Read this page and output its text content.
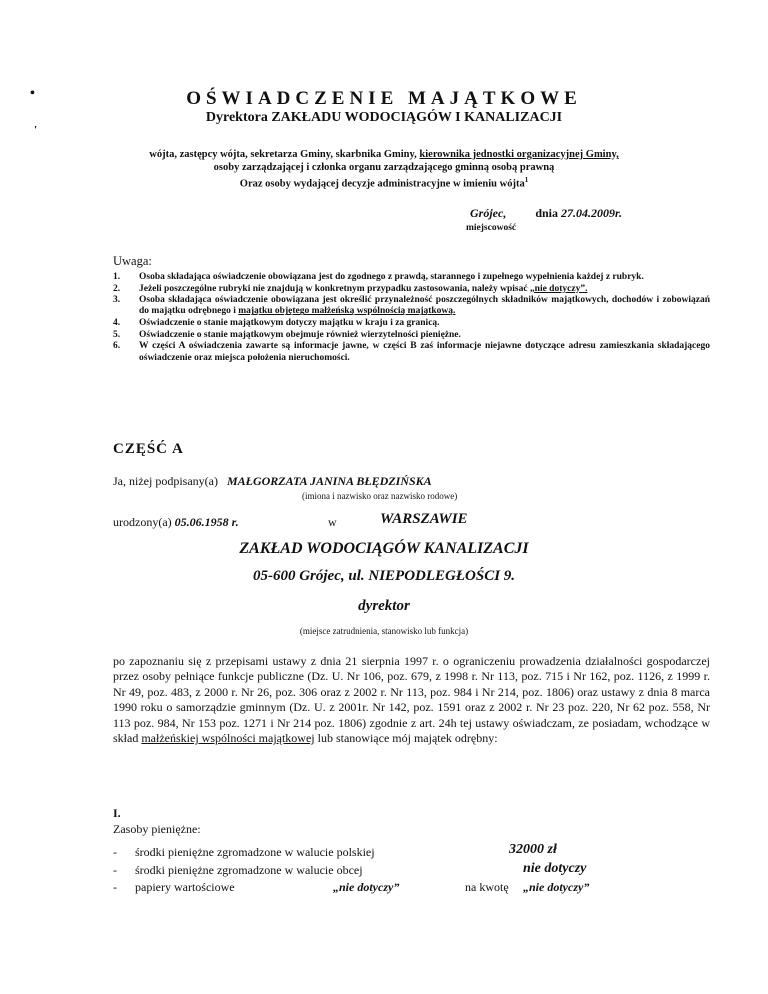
•
'
OŚWIADCZENIE MAJĄTKOWE
Dyrektora ZAKŁADU WODOCIĄGÓW I KANALIZACJI
wójta, zastępcy wójta, sekretarza Gminy, skarbnika Gminy, kierownika jednostki organizacyjnej Gminy,
osoby zarządzającej i członka organu zarządzającego gminną osobą prawną
Oraz osoby wydającej decyzje administracyjne w imieniu wójta$^1$
Grójec, dnia 27.04.2009r.
miejscowość
Uwaga:
1. Osoba składająca oświadczenie obowiązana jest do zgodnego z prawdą, starannego i zupełnego wypełnienia każdej z rubryk.
2. Jeżeli poszczególne rubryki nie znajdują w konkretnym przypadku zastosowania, należy wpisać „nie dotyczy”.
3. Osoba składająca oświadczenie obowiązana jest określić przynależność poszczególnych składników majątkowych, dochodów i zobowiązań do majątku odrębnego i majątku objętego małżeńską wspólnością majątkową.
4. Oświadczenie o stanie majątkowym dotyczy majątku w kraju i za granicą.
5. Oświadczenie o stanie majątkowym obejmuje również wierzytelności pieniężne.
6. W części A oświadczenia zawarte są informacje jawne, w części B zaś informacje niejawne dotyczące adresu zamieszkania składającego oświadczenie oraz miejsca położenia nieruchomości.
CZĘŚĆ A
Ja, niżej podpisany(a) MAŁGORZATA JANINA BŁĘDZIŃSKA
(imiona i nazwisko oraz nazwisko rodowe)
urodzony(a) 05.06.1958 r.	w	WARSZAWIE
ZAKŁAD WODOCIĄGÓW KANALIZACJI
05-600 Grójec, ul. NIEPODLEGŁOŚCI 9.
dyrektor
(miejsce zatrudnienia, stanowisko lub funkcja)
po zapoznaniu się z przepisami ustawy z dnia 21 sierpnia 1997 r. o ograniczeniu prowadzenia działalności gospodarczej przez osoby pełniące funkcje publiczne (Dz. U. Nr 106, poz. 679, z 1998 r. Nr 113, poz. 715 i Nr 162, poz. 1126, z 1999 r. Nr 49, poz. 483, z 2000 r. Nr 26, poz. 306 oraz z 2002 r. Nr 113, poz. 984 i Nr 214, poz. 1806) oraz ustawy z dnia 8 marca 1990 roku o samorządzie gminnym (Dz. U. z 2001r. Nr 142, poz. 1591 oraz z 2002 r. Nr 23 poz. 220, Nr 62 poz. 558, Nr 113 poz. 984, Nr 153 poz. 1271 i Nr 214 poz. 1806) zgodnie z art. 24h tej ustawy oświadczam, ze posiadam, wchodzące w skład małżeńskiej wspólności majątkowej lub stanowiące mój majątek odrębny:
I.
Zasoby pieniężne:
- środki pieniężne zgromadzone w walucie polskiej	32000 zł
- środki pieniężne zgromadzone w walucie obcej	nie dotyczy
- papiery wartościowe	„nie dotyczy”	na kwotę „nie dotyczy”
